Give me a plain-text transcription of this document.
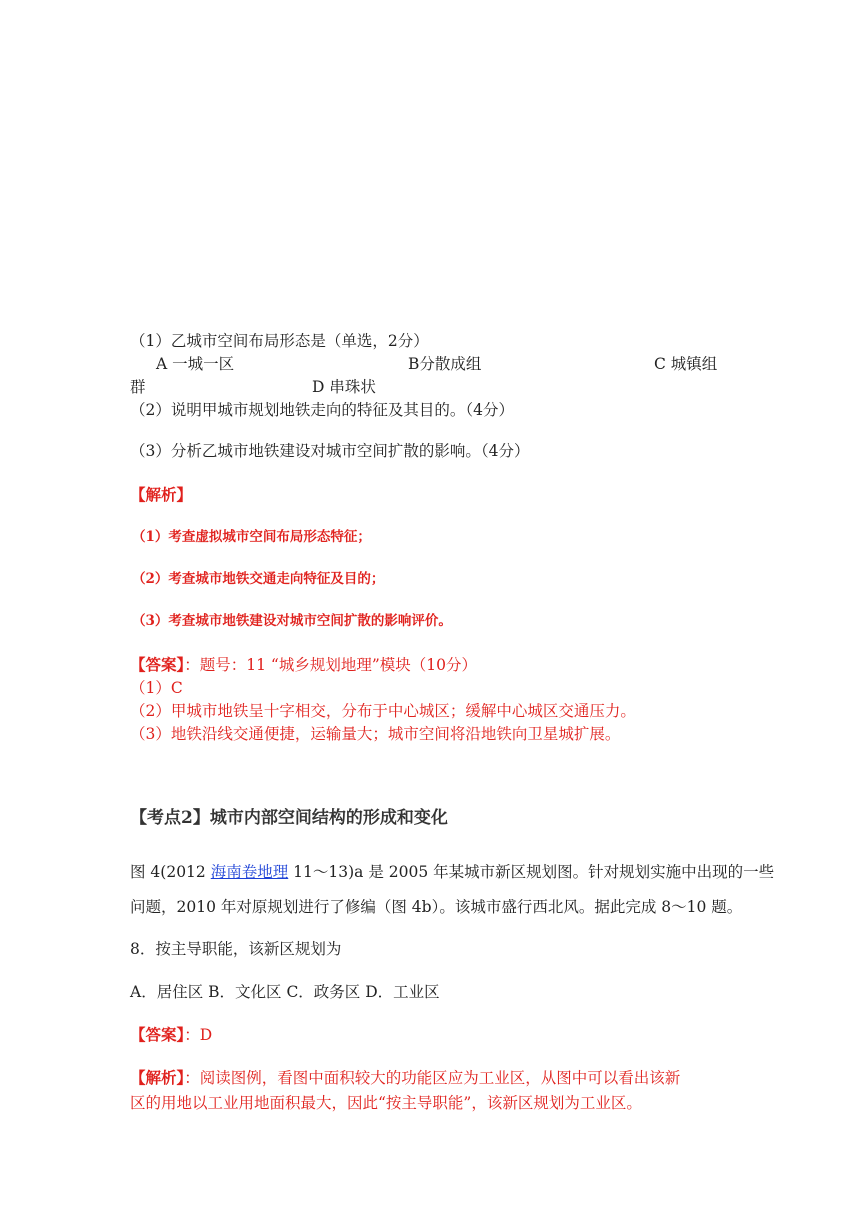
（1）乙城市空间布局形态是（单选，2分）
A 一城一区	B分散成组	C 城镇组
群	D 串珠状
（2）说明甲城市规划地铁走向的特征及其目的。（4分）
（3）分析乙城市地铁建设对城市空间扩散的影响。（4分）
【解析】
（1）考查虚拟城市空间布局形态特征；
（2）考查城市地铁交通走向特征及目的；
（3）考查城市地铁建设对城市空间扩散的影响评价。
【答案】：题号：11 “城乡规划地理”模块（10分）
（1）C
（2）甲城市地铁呈十字相交，分布于中心城区；缓解中心城区交通压力。
（3）地铁沿线交通便捷，运输量大；城市空间将沿地铁向卫星城扩展。
【考点2】城市内部空间结构的形成和变化
图 4(2012 海南卷地理 11～13)a 是 2005 年某城市新区规划图。针对规划实施中出现的一些
问题，2010 年对原规划进行了修编（图 4b）。该城市盛行西北风。据此完成 8～10 题。
8．按主导职能，该新区规划为
A．居住区 B．文化区 C．政务区 D．工业区
【答案】：D
【解析】：阅读图例，看图中面积较大的功能区应为工业区，从图中可以看出该新
区的用地以工业用地面积最大，因此“按主导职能”，该新区规划为工业区。
